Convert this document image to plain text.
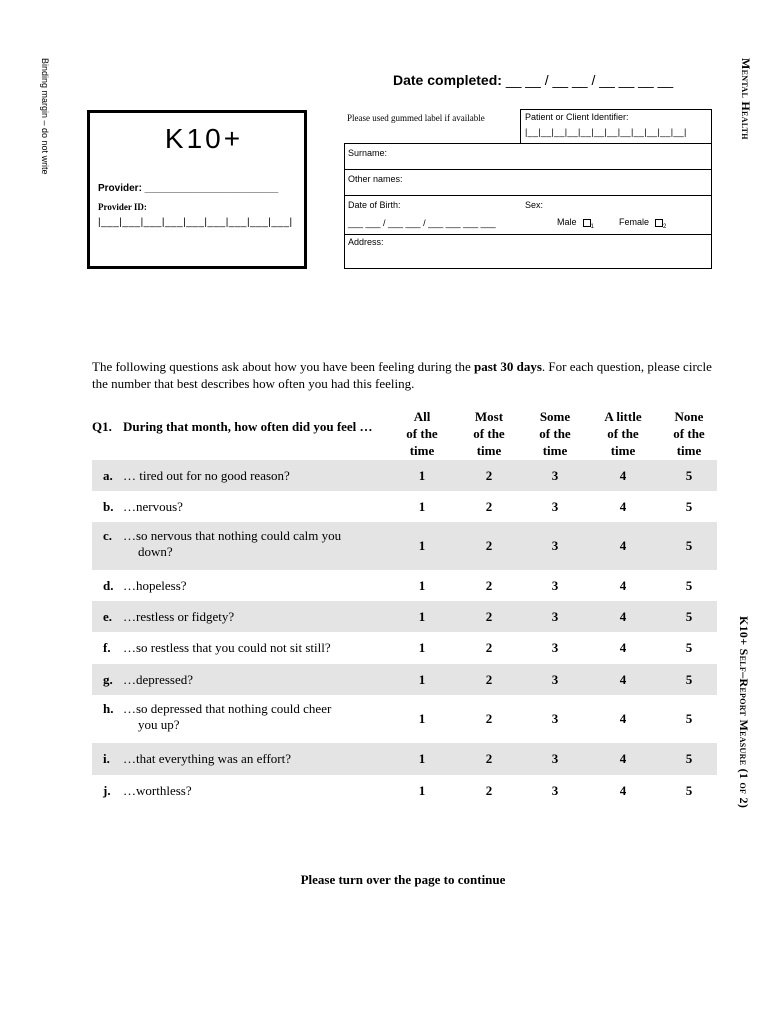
Binding margin – do not write	Mental Health
K10+ Self–Report Measure (1 of 2)
Date completed: __ __ / __ __ / __ __ __ __
K10+
Provider: ________________________
Provider ID:
|___|___|___|___|___|___|___|___|___|
Please used gummed label if available	Patient or Client Identifier:
|__|__|__|__|__|__|__|__|__|__|__|__|
Surname:
Other names:
Date of Birth:
___ ___ / ___ ___ / ___ ___ ___ ___
Sex:
Male $_1$	Female $_2$
Address:
The following questions ask about how you have been feeling during the past 30 days. For each question, please circle the number that best describes how often you had this feeling.
Q1. During that month, how often did you feel …
All
of the
time
Most
of the
time
Some
of the
time
A little
of the
time
None
of the
time
a. … tired out for no good reason?	1	2	3	4	5
b. …nervous?	1	2	3	4	5
c. …so nervous that nothing could calm you
down?	1	2	3	4	5
d. …hopeless?	1	2	3	4	5
e. …restless or fidgety?	1	2	3	4	5
f. …so restless that you could not sit still?	1	2	3	4	5
g. …depressed?	1	2	3	4	5
h. …so depressed that nothing could cheer
you up?	1	2	3	4	5
i. …that everything was an effort?	1	2	3	4	5
j. …worthless?	1	2	3	4	5
Please turn over the page to continue
